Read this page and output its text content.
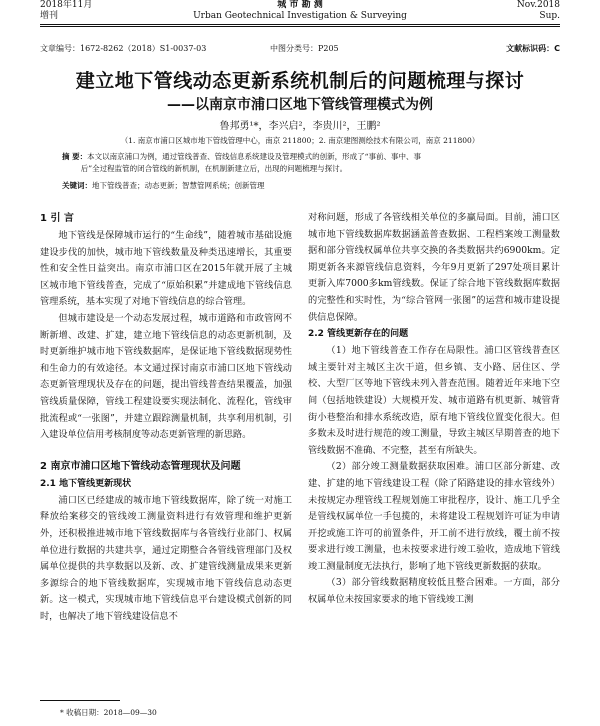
2018年11月
增刊
城 市 勘 测
Urban Geotechnical Investigation & Surveying
Nov.2018
Sup.
文章编号：1672-8262（2018）S1-0037-03	中图分类号：P205	文献标识码：C
建立地下管线动态更新系统机制后的问题梳理与探讨
——以南京市浦口区地下管线管理模式为例
鲁邦勇¹*，李兴启²，李贵川²，王鹏²
（1. 南京市浦口区城市地下管线管理中心，南京 211800；2. 南京建图测绘技术有限公司，南京 211800）
摘 要：本文以南京浦口为例，通过管线普查、管线信息系统建设及管理模式的创新，形成了“事前、事中、事
后”全过程监管的闭合管线的新机制，在机制新建立后，出现的问题梳理与探讨。
关键词：地下管线普查；动态更新；智慧管网系统；创新管理
1 引 言

地下管线是保障城市运行的“生命线”，随着城市基础设施建设步伐的加快，城市地下管线数量及种类迅速增长，其重要性和安全性日益突出。南京市浦口区在2015年就开展了主城区城市地下管线普查，完成了“原始积累”并建成地下管线信息管理系统，基本实现了对地下管线信息的综合管理。

但城市建设是一个动态发展过程，城市道路和市政管网不断新增、改建、扩建，建立地下管线信息的动态更新机制，及时更新维护城市地下管线数据库，是保证地下管线数据现势性和生命力的有效途径。本文通过探讨南京市浦口区地下管线动态更新管理现状及存在的问题，提出管线普查结果覆盖，加强管线质量保障，管线工程建设要实现法制化、流程化，管线审批流程或“一张图”，并建立跟踪测量机制，共享利用机制，引入建设单位信用考核制度等动态更新管理的新思路。

2 南京市浦口区地下管线动态管理现状及问题
2.1 地下管线更新现状

浦口区已经建成的城市地下管线数据库，除了统一对施工释放给案移交的管线竣工测量资料进行有效管理和维护更新外，还积极推进城市地下管线数据库与各管线行业部门、权属单位进行数据的共建共享，通过定期整合各管线管理部门及权属单位提供的共享数据以及新、改、扩建管线测量成果来更新多源综合的地下管线数据库，实现城市地下管线信息动态更新。这一模式，实现城市地下管线信息平台建设模式创新的同时，也解决了地下管线建设信息不

对称问题，形成了各管线相关单位的多赢局面。目前，浦口区城市地下管线数据库数据涵盖普查数据、工程档案竣工测量数据和部分管线权属单位共享交换的各类数据共约6900km。定期更新各来源管线信息资料，今年9月更新了297处项目累计更新入库7000多km管线数。保证了综合地下管线数据库数据的完整性和实时性，为“综合管网一张图”的运营和城市建设提供信息保障。

2.2 管线更新存在的问题

（1）地下管线普查工作存在局限性。浦口区管线普查区域主要针对主城区主次干道，但乡镇、支小路、居住区、学校、大型厂区等地下管线未列入普查范围。随着近年来地下空间（包括地铁建设）大规模开发、城市道路有机更新、城管背街小巷整治和排水系统改造，原有地下管线位置变化很大。但多数未及时进行规范的竣工测量，导致主城区早期普查的地下管线数据不准确、不完整，甚至有所缺失。

（2）部分竣工测量数据获取困难。浦口区部分新建、改建、扩建的地下管线建设工程（除了陌路建设的排水管线外）未按规定办理管线工程规划施工审批程序，设计、施工几乎全是管线权属单位一手包揽的，未将建设工程规划许可证为申请开挖或施工许可的前置条件，开工前不进行放线，覆土前不按要求进行竣工测量，也未按要求进行竣工验收，造成地下管线竣工测量制度无法执行，影响了地下管线更新数据的获取。

（3）部分管线数据精度较低且整合困难。一方面，部分权属单位未按国家要求的地下管线竣工测

* 收稿日期：2018—09—30
